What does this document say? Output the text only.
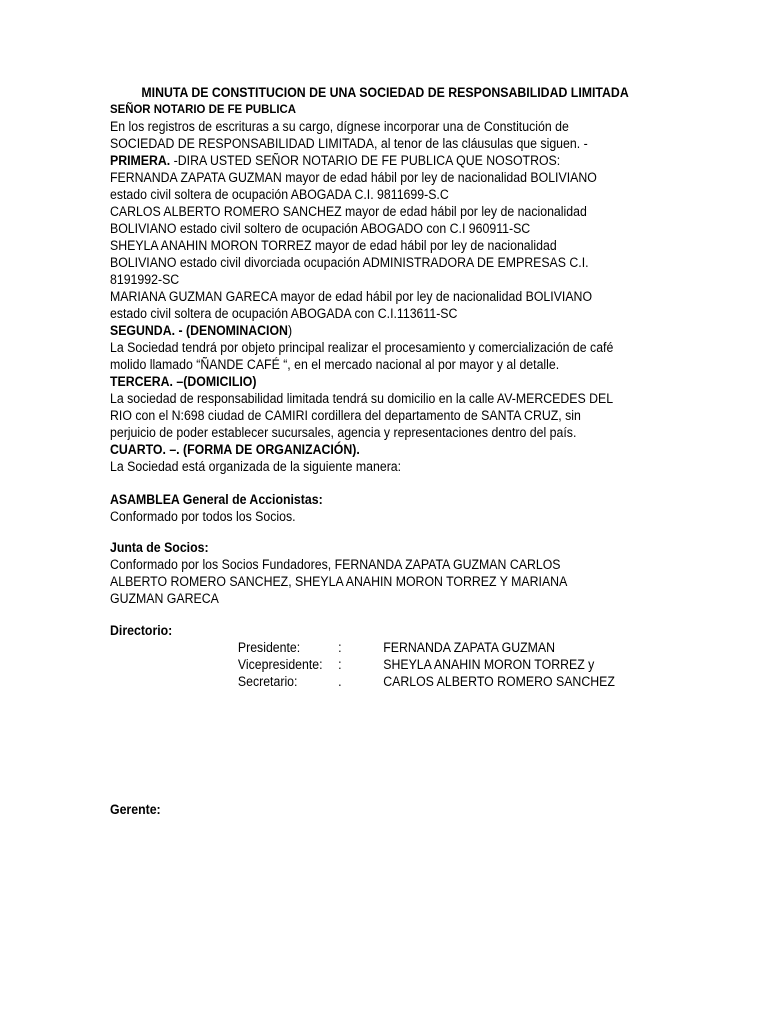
MINUTA DE CONSTITUCION DE UNA SOCIEDAD DE RESPONSABILIDAD LIMITADA

SEÑOR NOTARIO DE FE PUBLICA

En los registros de escrituras a su cargo, dígnese incorporar una de Constitución de SOCIEDAD DE RESPONSABILIDAD LIMITADA, al tenor de las cláusulas que siguen. -

PRIMERA. -DIRA USTED SEÑOR NOTARIO DE FE PUBLICA QUE NOSOTROS:

FERNANDA ZAPATA GUZMAN mayor de edad hábil por ley de nacionalidad BOLIVIANO estado civil soltera de ocupación ABOGADA C.I. 9811699-S.C

CARLOS ALBERTO ROMERO SANCHEZ mayor de edad hábil por ley de nacionalidad BOLIVIANO estado civil soltero de ocupación ABOGADO con C.I 960911-SC

SHEYLA ANAHIN MORON TORREZ mayor de edad hábil por ley de nacionalidad BOLIVIANO estado civil divorciada ocupación ADMINISTRADORA DE EMPRESAS C.I. 8191992-SC

MARIANA GUZMAN GARECA mayor de edad hábil por ley de nacionalidad BOLIVIANO estado civil soltera de ocupación ABOGADA con C.I.113611-SC

SEGUNDA. - (DENOMINACION)

La Sociedad tendrá por objeto principal realizar el procesamiento y comercialización de café molido llamado “ÑANDE CAFÉ “, en el mercado nacional al por mayor y al detalle.

TERCERA. –(DOMICILIO)

La sociedad de responsabilidad limitada tendrá su domicilio en la calle AV-MERCEDES DEL RIO con el N:698 ciudad de CAMIRI cordillera del departamento de SANTA CRUZ, sin perjuicio de poder establecer sucursales, agencia y representaciones dentro del país.

CUARTO. –. (FORMA DE ORGANIZACIÓN).

La Sociedad está organizada de la siguiente manera:

ASAMBLEA General de Accionistas:

Conformado por todos los Socios.

Junta de Socios:

Conformado por los Socios Fundadores, FERNANDA ZAPATA GUZMAN CARLOS ALBERTO ROMERO SANCHEZ, SHEYLA ANAHIN MORON TORREZ Y MARIANA GUZMAN GARECA

Directorio:

Presidente:	:	FERNANDA ZAPATA GUZMAN
Vicepresidente:	:	SHEYLA ANAHIN MORON TORREZ y
Secretario:	.	CARLOS ALBERTO ROMERO SANCHEZ

Gerente:
